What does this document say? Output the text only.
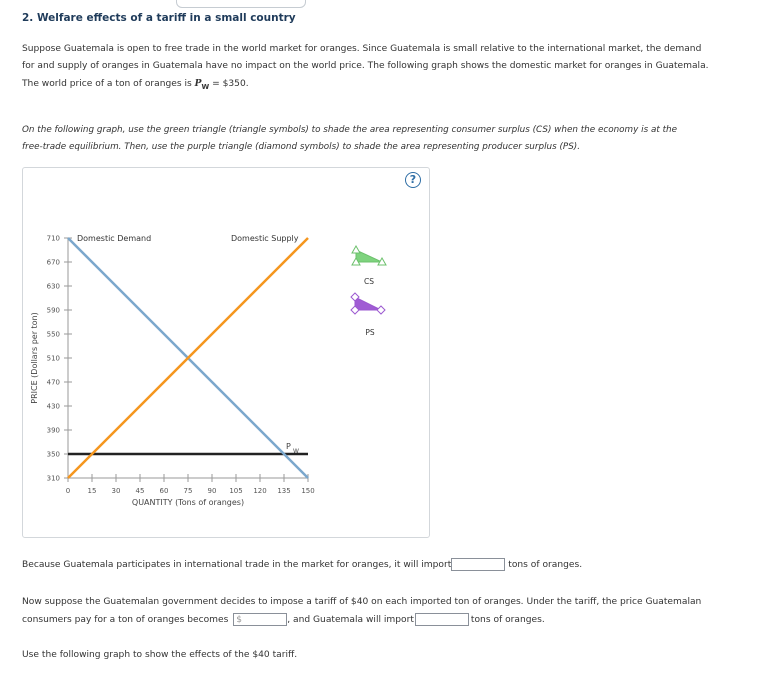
2. Welfare effects of a tariff in a small country
Suppose Guatemala is open to free trade in the world market for oranges. Since Guatemala is small relative to the international market, the demand
for and supply of oranges in Guatemala have no impact on the world price. The following graph shows the domestic market for oranges in Guatemala.
The world price of a ton of oranges is $P_W$ = $350.
On the following graph, use the green triangle (triangle symbols) to shade the area representing consumer surplus (CS) when the economy is at the
free-trade equilibrium. Then, use the purple triangle (diamond symbols) to shade the area representing producer surplus (PS).
?
310
350
390
430
470
510
550
590
630
670
710
0 15 30 45 60 75 90 105 120 135 150
QUANTITY (Tons of oranges)
PRICE (Dollars per ton)
P
W
Domestic Demand	Domestic Supply
CS
PS
Because Guatemala participates in international trade in the market for oranges, it will import	tons of oranges.
Now suppose the Guatemalan government decides to impose a tariff of $40 on each imported ton of oranges. Under the tariff, the price Guatemalan
consumers pay for a ton of oranges becomes $	, and Guatemala will import	tons of oranges.
Use the following graph to show the effects of the $40 tariff.
